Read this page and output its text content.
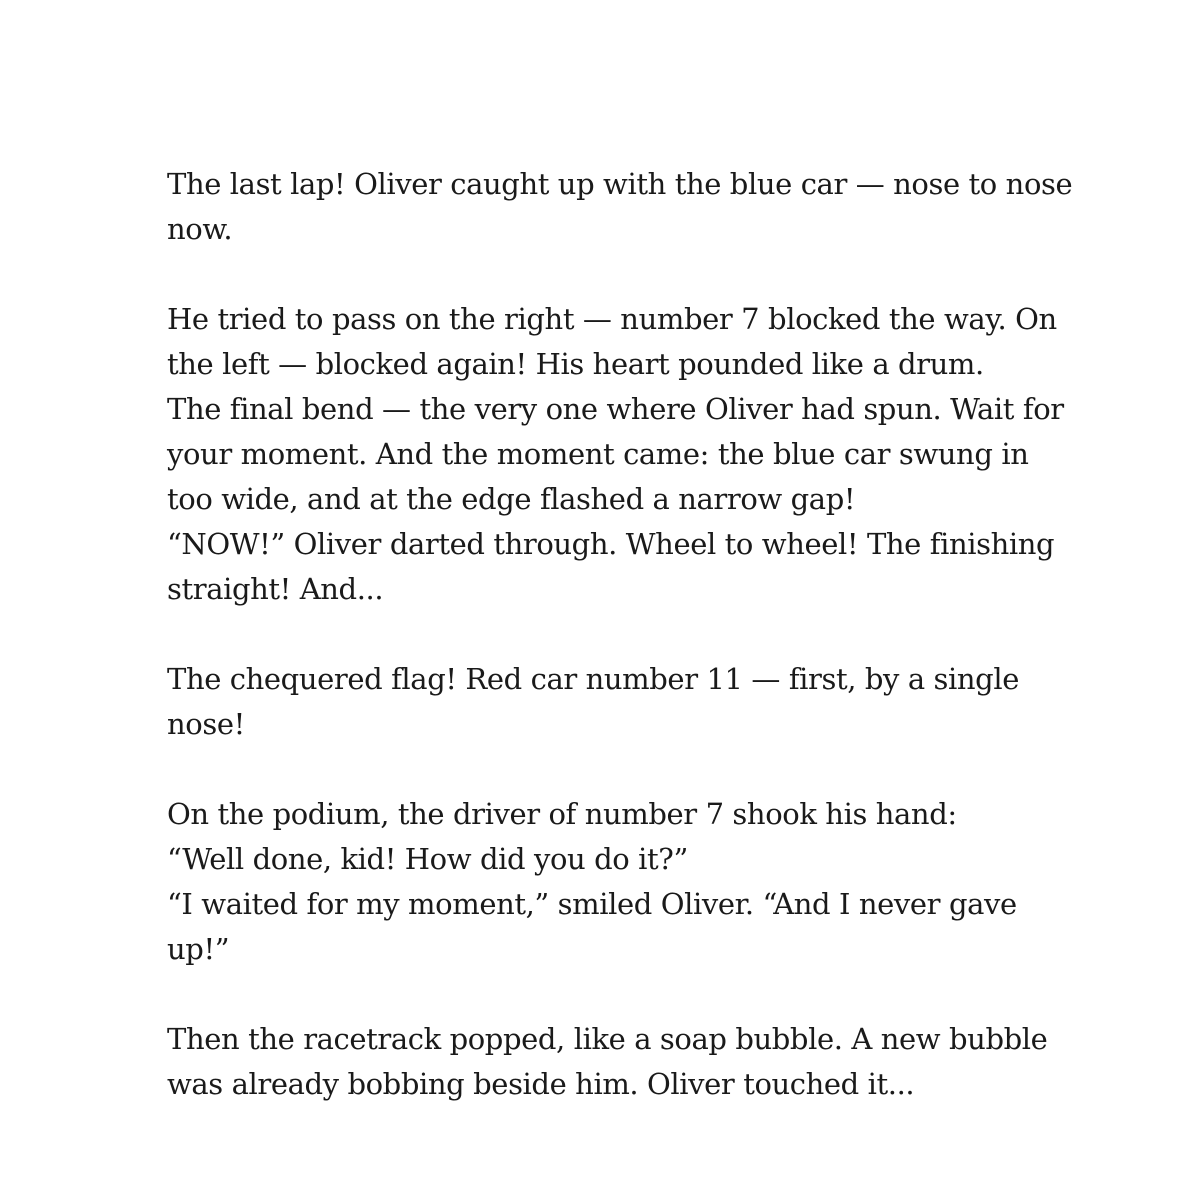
The last lap! Oliver caught up with the blue car — nose to nose
now.
He tried to pass on the right — number 7 blocked the way. On
the left — blocked again! His heart pounded like a drum.
The final bend — the very one where Oliver had spun. Wait for
your moment. And the moment came: the blue car swung in
too wide, and at the edge flashed a narrow gap!
“NOW!” Oliver darted through. Wheel to wheel! The finishing
straight! And...
The chequered flag! Red car number 11 — first, by a single
nose!
On the podium, the driver of number 7 shook his hand:
“Well done, kid! How did you do it?”
“I waited for my moment,” smiled Oliver. “And I never gave
up!”
Then the racetrack popped, like a soap bubble. A new bubble
was already bobbing beside him. Oliver touched it...
